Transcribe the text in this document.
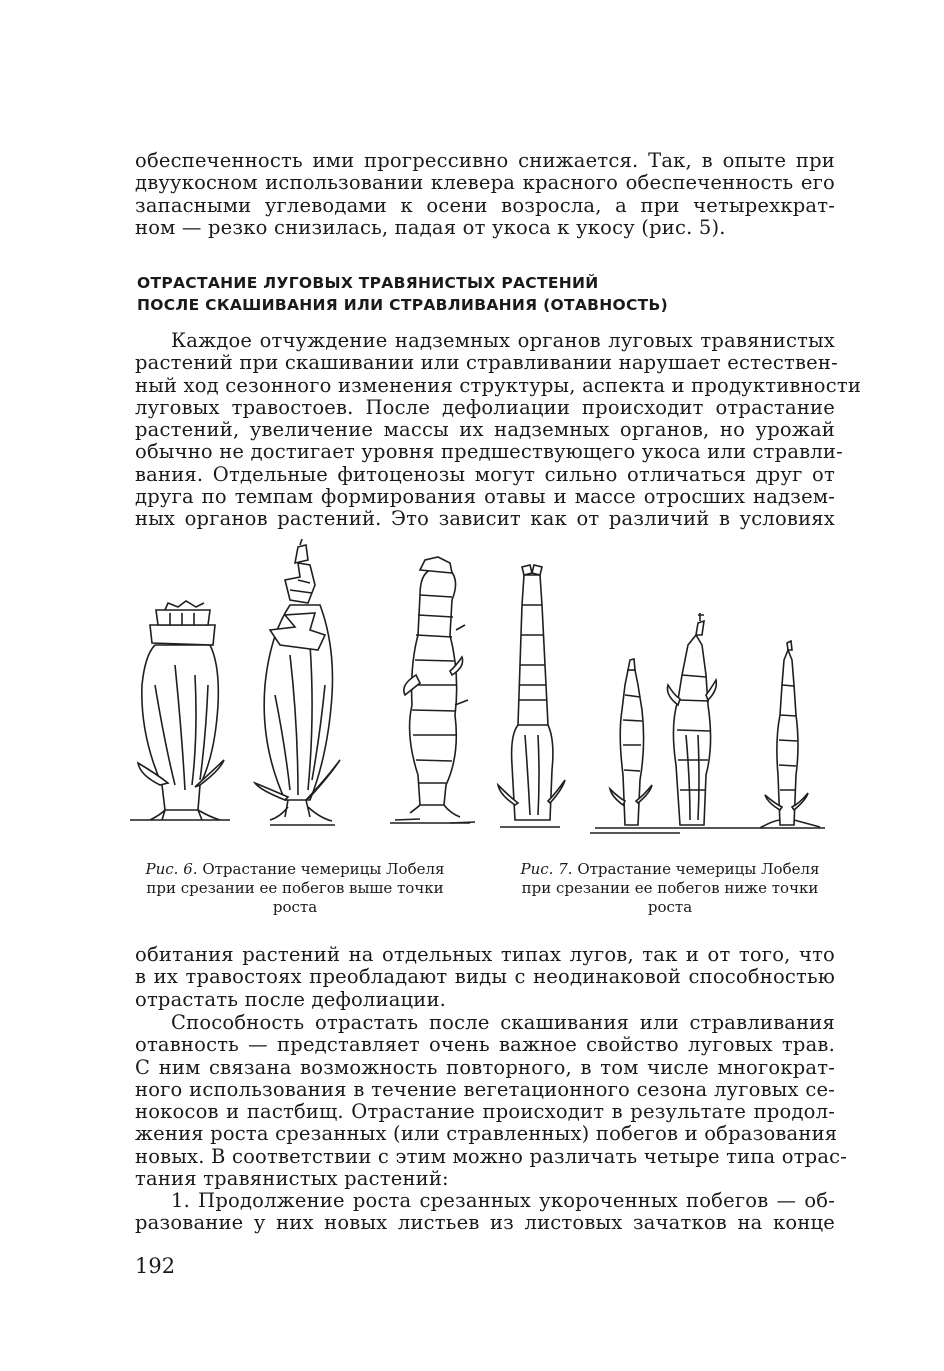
обеспеченность ими прогрессивно снижается. Так, в опыте при
двуукосном использовании клевера красного обеспеченность его
запасными углеводами к осени возросла, а при четырехкрат-
ном — резко снизилась, падая от укоса к укосу (рис. 5).
ОТРАСТАНИЕ ЛУГОВЫХ ТРАВЯНИСТЫХ РАСТЕНИЙ
ПОСЛЕ СКАШИВАНИЯ ИЛИ СТРАВЛИВАНИЯ (ОТАВНОСТЬ)
Каждое отчуждение надземных органов луговых травянистых
растений при скашивании или стравливании нарушает естествен-
ный ход сезонного изменения структуры, аспекта и продуктивности
луговых травостоев. После дефолиации происходит отрастание
растений, увеличение массы их надземных органов, но урожай
обычно не достигает уровня предшествующего укоса или стравли-
вания. Отдельные фитоценозы могут сильно отличаться друг от
друга по темпам формирования отавы и массе отросших надзем-
ных органов растений. Это зависит как от различий в условиях
Рис. 6. Отрастание чемерицы Лобеля
при срезании ее побегов выше точки
роста
Рис. 7. Отрастание чемерицы Лобеля
при срезании ее побегов ниже точки
роста
обитания растений на отдельных типах лугов, так и от того, что
в их травостоях преобладают виды с неодинаковой способностью
отрастать после дефолиации.
Способность отрастать после скашивания или стравливания
отавность — представляет очень важное свойство луговых трав.
С ним связана возможность повторного, в том числе многократ-
ного использования в течение вегетационного сезона луговых се-
нокосов и пастбищ. Отрастание происходит в результате продол-
жения роста срезанных (или стравленных) побегов и образования
новых. В соответствии с этим можно различать четыре типа отрас-
тания травянистых растений:
1. Продолжение роста срезанных укороченных побегов — об-
разование у них новых листьев из листовых зачатков на конце
192
